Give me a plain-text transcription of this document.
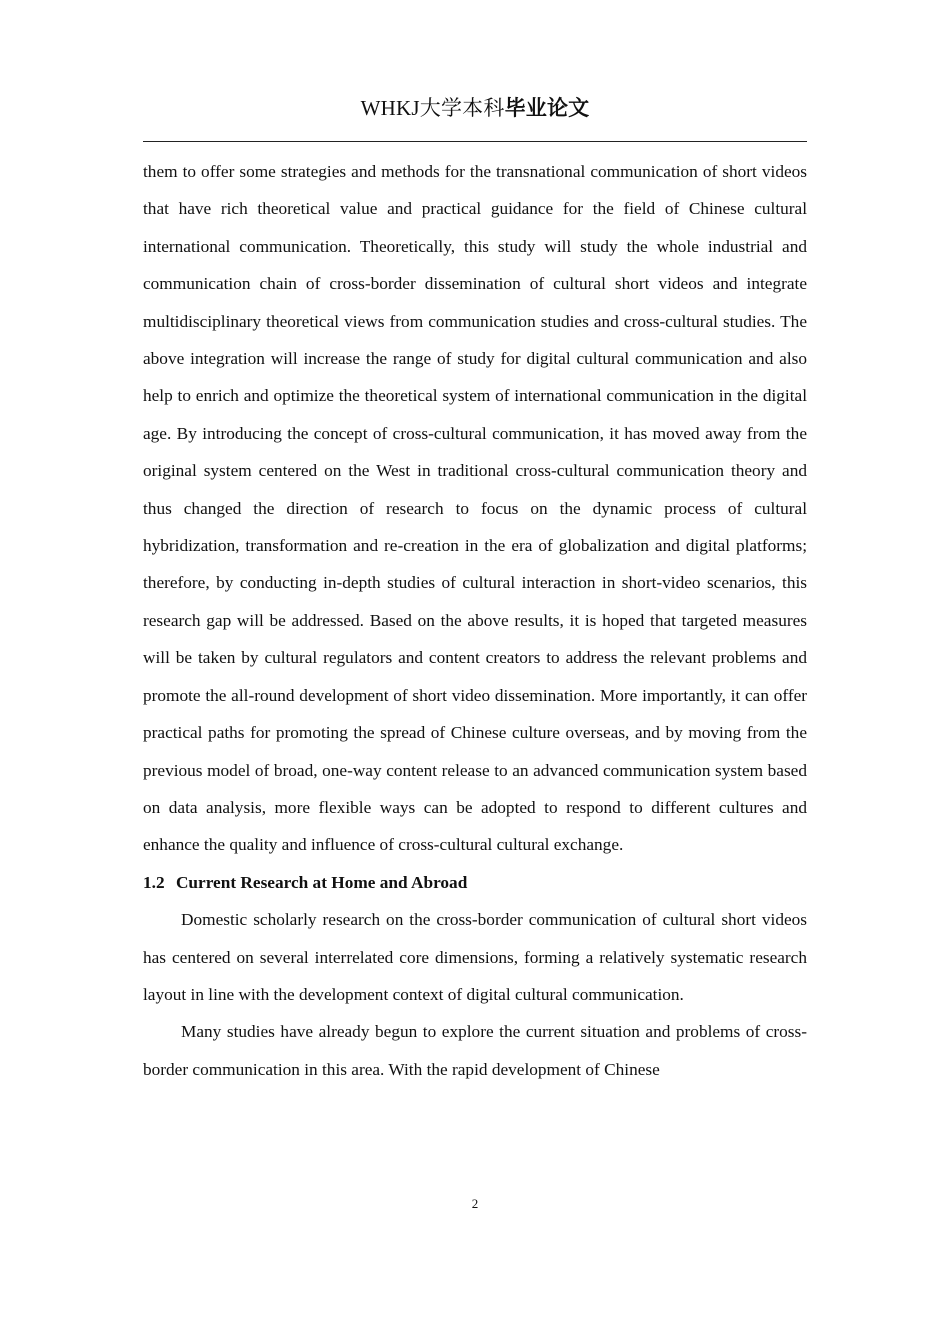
WHKJ大学本科毕业论文

them to offer some strategies and methods for the transnational communication of short videos that have rich theoretical value and practical guidance for the field of Chinese cultural international communication. Theoretically, this study will study the whole industrial and communication chain of cross-border dissemination of cultural short videos and integrate multidisciplinary theoretical views from communication studies and cross-cultural studies. The above integration will increase the range of study for digital cultural communication and also help to enrich and optimize the theoretical system of international communication in the digital age. By introducing the concept of cross-cultural communication, it has moved away from the original system centered on the West in traditional cross-cultural communication theory and thus changed the direction of research to focus on the dynamic process of cultural hybridization, transformation and re-creation in the era of globalization and digital platforms; therefore, by conducting in-depth studies of cultural interaction in short-video scenarios, this research gap will be addressed. Based on the above results, it is hoped that targeted measures will be taken by cultural regulators and content creators to address the relevant problems and promote the all-round development of short video dissemination. More importantly, it can offer practical paths for promoting the spread of Chinese culture overseas, and by moving from the previous model of broad, one-way content release to an advanced communication system based on data analysis, more flexible ways can be adopted to respond to different cultures and enhance the quality and influence of cross-cultural cultural exchange.

1.2 Current Research at Home and Abroad

Domestic scholarly research on the cross-border communication of cultural short videos has centered on several interrelated core dimensions, forming a relatively systematic research layout in line with the development context of digital cultural communication.

Many studies have already begun to explore the current situation and problems of cross-border communication in this area. With the rapid development of Chinese

2
